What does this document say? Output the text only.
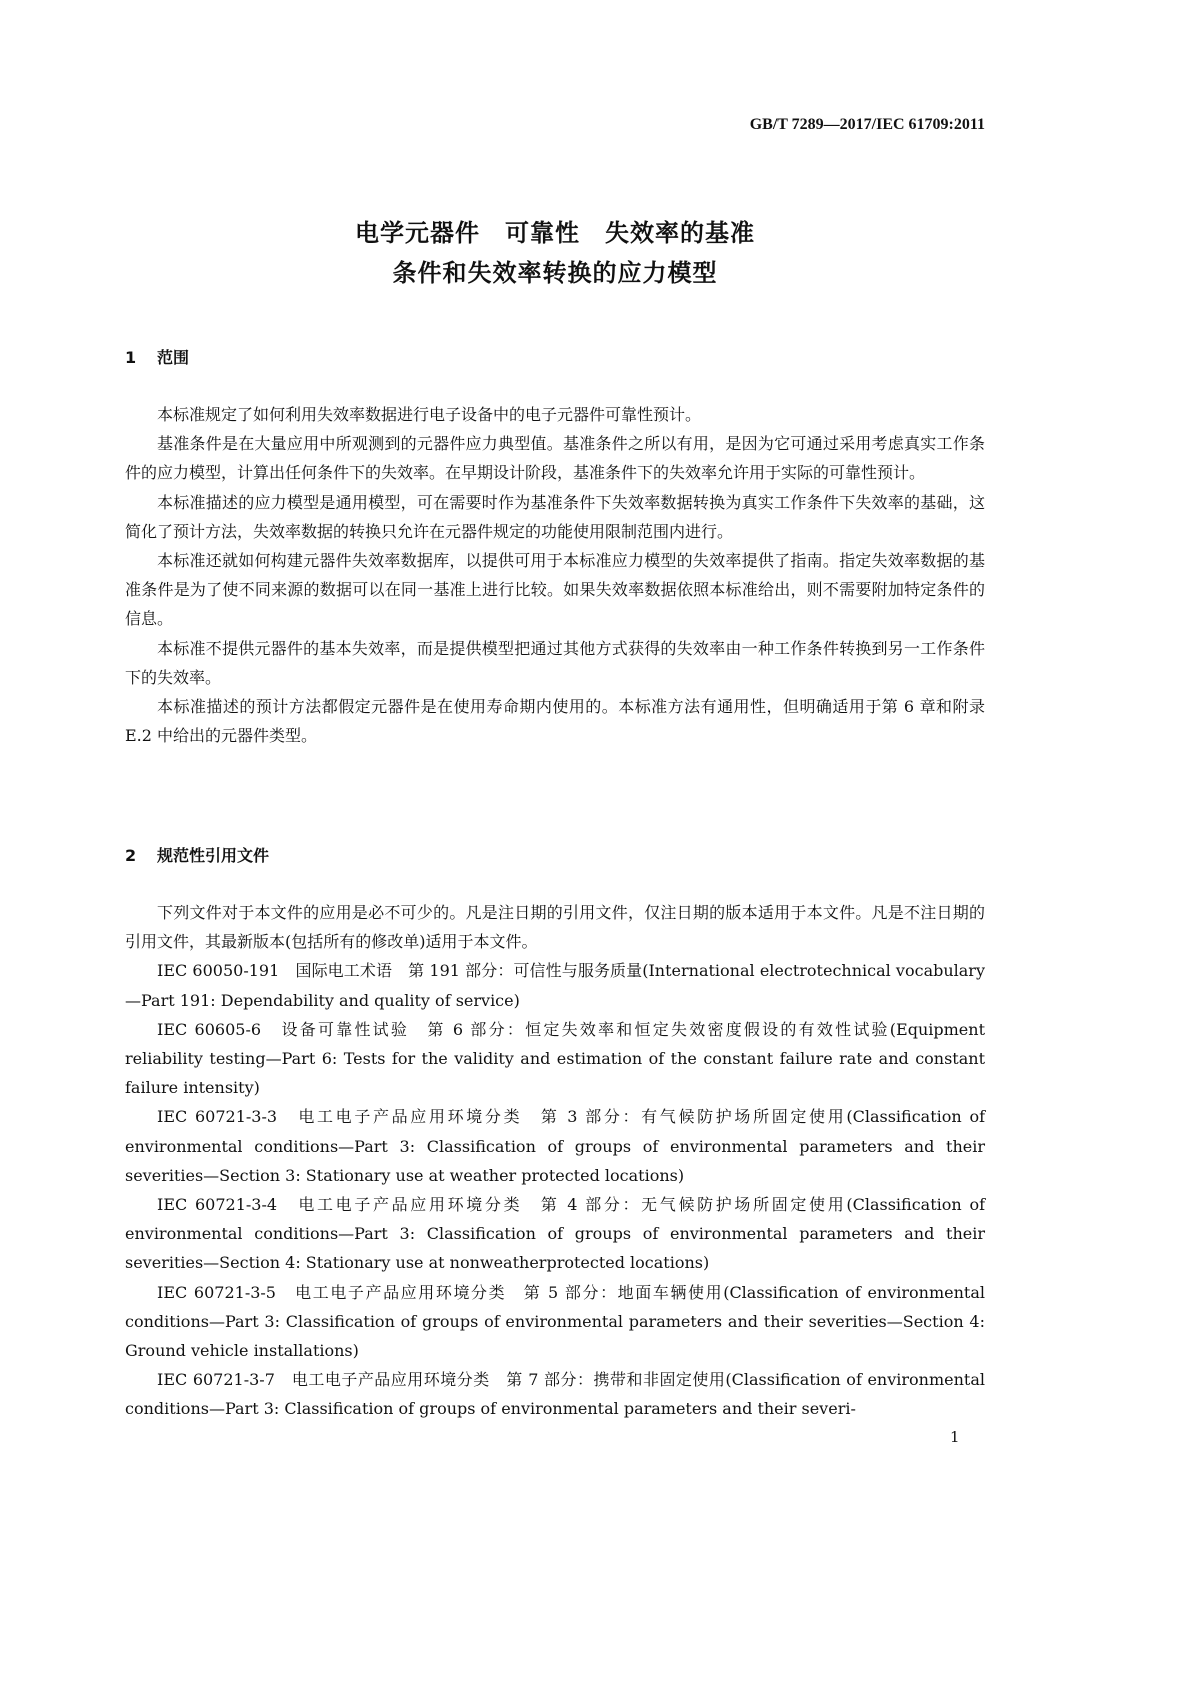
GB/T 7289—2017/IEC 61709:2011
电学元器件　可靠性　失效率的基准
条件和失效率转换的应力模型
1 范围

本标准规定了如何利用失效率数据进行电子设备中的电子元器件可靠性预计。

基准条件是在大量应用中所观测到的元器件应力典型值。基准条件之所以有用，是因为它可通过采用考虑真实工作条件的应力模型，计算出任何条件下的失效率。在早期设计阶段，基准条件下的失效率允许用于实际的可靠性预计。

本标准描述的应力模型是通用模型，可在需要时作为基准条件下失效率数据转换为真实工作条件下失效率的基础，这简化了预计方法，失效率数据的转换只允许在元器件规定的功能使用限制范围内进行。

本标准还就如何构建元器件失效率数据库，以提供可用于本标准应力模型的失效率提供了指南。指定失效率数据的基准条件是为了使不同来源的数据可以在同一基准上进行比较。如果失效率数据依照本标准给出，则不需要附加特定条件的信息。

本标准不提供元器件的基本失效率，而是提供模型把通过其他方式获得的失效率由一种工作条件转换到另一工作条件下的失效率。

本标准描述的预计方法都假定元器件是在使用寿命期内使用的。本标准方法有通用性，但明确适用于第 6 章和附录 E.2 中给出的元器件类型。

2 规范性引用文件

下列文件对于本文件的应用是必不可少的。凡是注日期的引用文件，仅注日期的版本适用于本文件。凡是不注日期的引用文件，其最新版本(包括所有的修改单)适用于本文件。

IEC 60050-191　国际电工术语　第 191 部分：可信性与服务质量(International electrotechnical vocabulary—Part 191: Dependability and quality of service)

IEC 60605-6　设备可靠性试验　第 6 部分：恒定失效率和恒定失效密度假设的有效性试验(Equipment reliability testing—Part 6: Tests for the validity and estimation of the constant failure rate and constant failure intensity)

IEC 60721-3-3　电工电子产品应用环境分类　第 3 部分：有气候防护场所固定使用(Classification of environmental conditions—Part 3: Classification of groups of environmental parameters and their severities—Section 3: Stationary use at weather protected locations)

IEC 60721-3-4　电工电子产品应用环境分类　第 4 部分：无气候防护场所固定使用(Classification of environmental conditions—Part 3: Classification of groups of environmental parameters and their severities—Section 4: Stationary use at nonweatherprotected locations)

IEC 60721-3-5　电工电子产品应用环境分类　第 5 部分：地面车辆使用(Classification of environmental conditions—Part 3: Classification of groups of environmental parameters and their severities—Section 4: Ground vehicle installations)

IEC 60721-3-7　电工电子产品应用环境分类　第 7 部分：携带和非固定使用(Classification of environmental conditions—Part 3: Classification of groups of environmental parameters and their severi-

1
